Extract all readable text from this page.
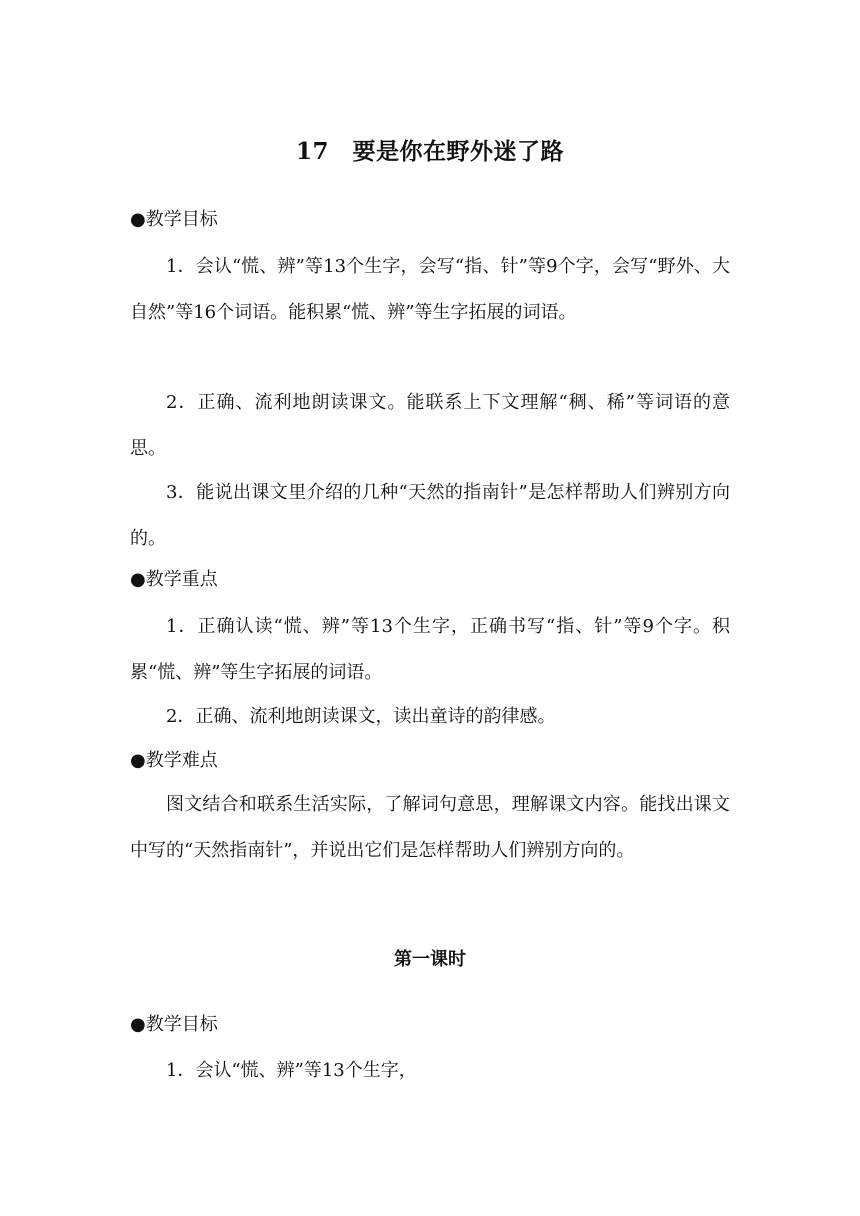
17　要是你在野外迷了路
●教学目标

1．会认“慌、辨”等13个生字，会写“指、针”等9个字，会写“野外、大自然”等16个词语。能积累“慌、辨”等生字拓展的词语。

2．正确、流利地朗读课文。能联系上下文理解“稠、稀”等词语的意思。

3．能说出课文里介绍的几种“天然的指南针”是怎样帮助人们辨别方向的。

●教学重点

1．正确认读“慌、辨”等13个生字，正确书写“指、针”等9个字。积累“慌、辨”等生字拓展的词语。

2．正确、流利地朗读课文，读出童诗的韵律感。

●教学难点

图文结合和联系生活实际，了解词句意思，理解课文内容。能找出课文中写的“天然指南针”，并说出它们是怎样帮助人们辨别方向的。

第一课时
●教学目标

1．会认“慌、辨”等13个生字，
